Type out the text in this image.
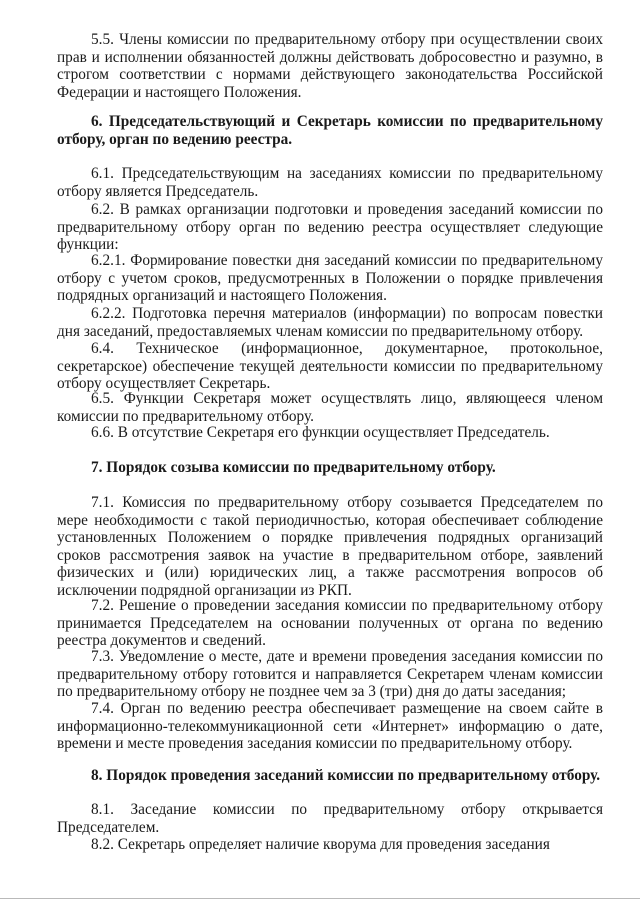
5.5. Члены комиссии по предварительному отбору при осуществлении своих прав и исполнении обязанностей должны действовать добросовестно и разумно, в строгом соответствии с нормами действующего законодательства Российской Федерации и настоящего Положения.

6. Председательствующий и Секретарь комиссии по предварительному отбору, орган по ведению реестра.

6.1. Председательствующим на заседаниях комиссии по предварительному отбору является Председатель.

6.2. В рамках организации подготовки и проведения заседаний комиссии по предварительному отбору орган по ведению реестра осуществляет следующие функции:

6.2.1. Формирование повестки дня заседаний комиссии по предварительному отбору с учетом сроков, предусмотренных в Положении о порядке привлечения подрядных организаций и настоящего Положения.

6.2.2. Подготовка перечня материалов (информации) по вопросам повестки дня заседаний, предоставляемых членам комиссии по предварительному отбору.

6.4. Техническое (информационное, документарное, протокольное, секретарское) обеспечение текущей деятельности комиссии по предварительному отбору осуществляет Секретарь.

6.5. Функции Секретаря может осуществлять лицо, являющееся членом комиссии по предварительному отбору.

6.6. В отсутствие Секретаря его функции осуществляет Председатель.

7. Порядок созыва комиссии по предварительному отбору.

7.1. Комиссия по предварительному отбору созывается Председателем по мере необходимости с такой периодичностью, которая обеспечивает соблюдение установленных Положением о порядке привлечения подрядных организаций сроков рассмотрения заявок на участие в предварительном отборе, заявлений физических и (или) юридических лиц, а также рассмотрения вопросов об исключении подрядной организации из РКП.

7.2. Решение о проведении заседания комиссии по предварительному отбору принимается Председателем на основании полученных от органа по ведению реестра документов и сведений.

7.3. Уведомление о месте, дате и времени проведения заседания комиссии по предварительному отбору готовится и направляется Секретарем членам комиссии по предварительному отбору не позднее чем за 3 (три) дня до даты заседания;

7.4. Орган по ведению реестра обеспечивает размещение на своем сайте в информационно-телекоммуникационной сети «Интернет» информацию о дате, времени и месте проведения заседания комиссии по предварительному отбору.

8. Порядок проведения заседаний комиссии по предварительному отбору.

8.1. Заседание комиссии по предварительному отбору открывается Председателем.

8.2. Секретарь определяет наличие кворума для проведения заседания
